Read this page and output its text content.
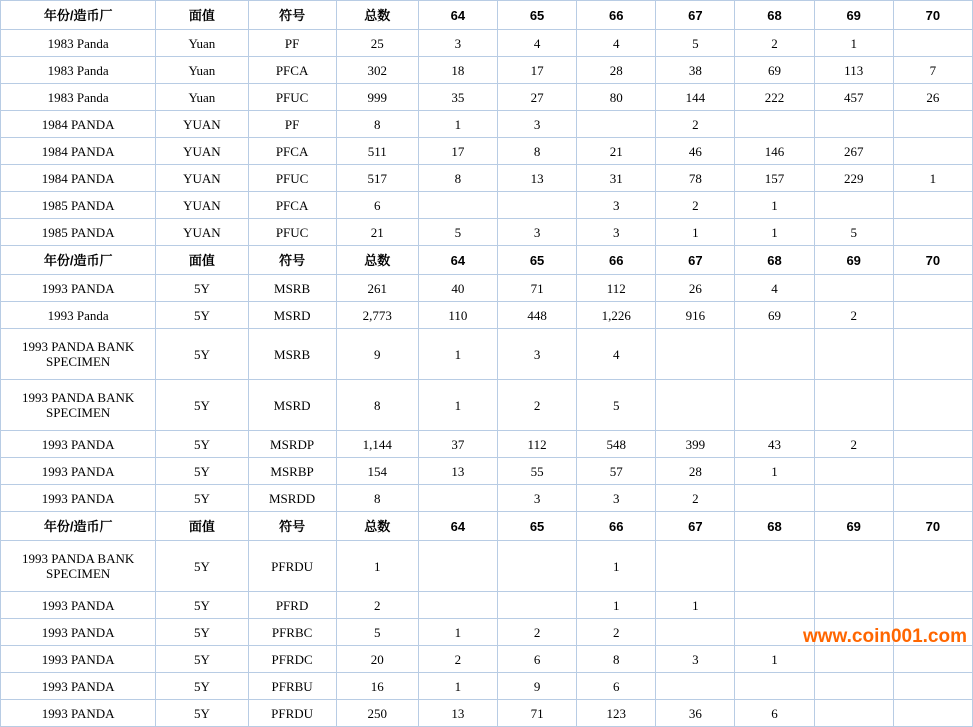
年份/造币厂	面值	符号	总数	64	65	66	67	68	69	70
1983 Panda	Yuan	PF	25	3	4	4	5	2	1	
1983 Panda	Yuan	PFCA	302	18	17	28	38	69	113	7
1983 Panda	Yuan	PFUC	999	35	27	80	144	222	457	26
1984 PANDA	YUAN	PF	8	1	3		2			
1984 PANDA	YUAN	PFCA	511	17	8	21	46	146	267	
1984 PANDA	YUAN	PFUC	517	8	13	31	78	157	229	1
1985 PANDA	YUAN	PFCA	6			3	2	1		
1985 PANDA	YUAN	PFUC	21	5	3	3	1	1	5	
年份/造币厂	面值	符号	总数	64	65	66	67	68	69	70
1993 PANDA	5Y	MSRB	261	40	71	112	26	4		
1993 Panda	5Y	MSRD	2,773	110	448	1,226	916	69	2	
1993 PANDA BANK SPECIMEN	5Y	MSRB	9	1	3	4				
1993 PANDA BANK SPECIMEN	5Y	MSRD	8	1	2	5				
1993 PANDA	5Y	MSRDP	1,144	37	112	548	399	43	2	
1993 PANDA	5Y	MSRBP	154	13	55	57	28	1		
1993 PANDA	5Y	MSRDD	8		3	3	2			
年份/造币厂	面值	符号	总数	64	65	66	67	68	69	70
1993 PANDA BANK SPECIMEN	5Y	PFRDU	1			1				
1993 PANDA	5Y	PFRD	2			1	1			
1993 PANDA	5Y	PFRBC	5	1	2	2				
1993 PANDA	5Y	PFRDC	20	2	6	8	3	1		
1993 PANDA	5Y	PFRBU	16	1	9	6				
1993 PANDA	5Y	PFRDU	250	13	71	123	36	6		
www.coin001.com
